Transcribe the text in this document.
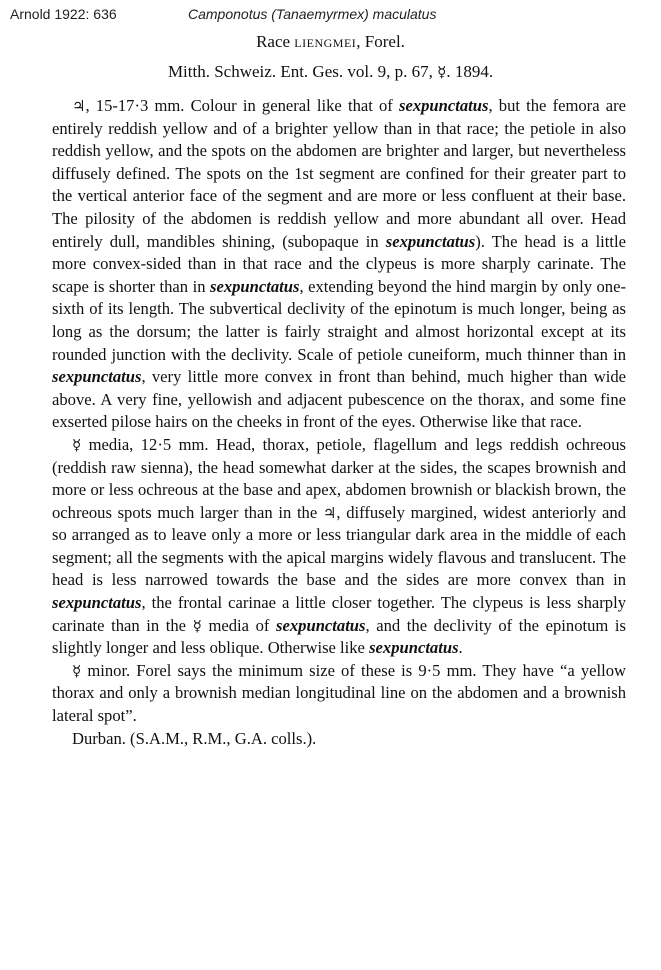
Arnold 1922: 636	Camponotus (Tanaemyrmex) maculatus
Race liengmei, Forel.
Mitth. Schweiz. Ent. Ges. vol. 9, p. 67, ☿. 1894.

♃, 15-17·3 mm. Colour in general like that of sexpunctatus, but the femora are entirely reddish yellow and of a brighter yellow than in that race; the petiole in also reddish yellow, and the spots on the abdomen are brighter and larger, but nevertheless diffusely defined. The spots on the 1st segment are confined for their greater part to the vertical anterior face of the segment and are more or less confluent at their base. The pilosity of the abdomen is reddish yellow and more abundant all over. Head entirely dull, mandibles shining, (subopaque in sexpunctatus). The head is a little more convex-sided than in that race and the clypeus is more sharply carinate. The scape is shorter than in sexpunctatus, extending beyond the hind margin by only one-sixth of its length. The subvertical declivity of the epinotum is much longer, being as long as the dorsum; the latter is fairly straight and almost horizontal except at its rounded junction with the declivity. Scale of petiole cuneiform, much thinner than in sexpunctatus, very little more convex in front than behind, much higher than wide above. A very fine, yellowish and adjacent pubescence on the thorax, and some fine exserted pilose hairs on the cheeks in front of the eyes. Otherwise like that race.

☿ media, 12·5 mm. Head, thorax, petiole, flagellum and legs reddish ochreous (reddish raw sienna), the head somewhat darker at the sides, the scapes brownish and more or less ochreous at the base and apex, abdomen brownish or blackish brown, the ochreous spots much larger than in the ♃, diffusely margined, widest anteriorly and so arranged as to leave only a more or less triangular dark area in the middle of each segment; all the segments with the apical margins widely flavous and translucent. The head is less narrowed towards the base and the sides are more convex than in sexpunctatus, the frontal carinae a little closer together. The clypeus is less sharply carinate than in the ☿ media of sexpunctatus, and the declivity of the epinotum is slightly longer and less oblique. Otherwise like sexpunctatus.

☿ minor. Forel says the minimum size of these is 9·5 mm. They have “a yellow thorax and only a brownish median longitudinal line on the abdomen and a brownish lateral spot”.

Durban. (S.A.M., R.M., G.A. colls.).
